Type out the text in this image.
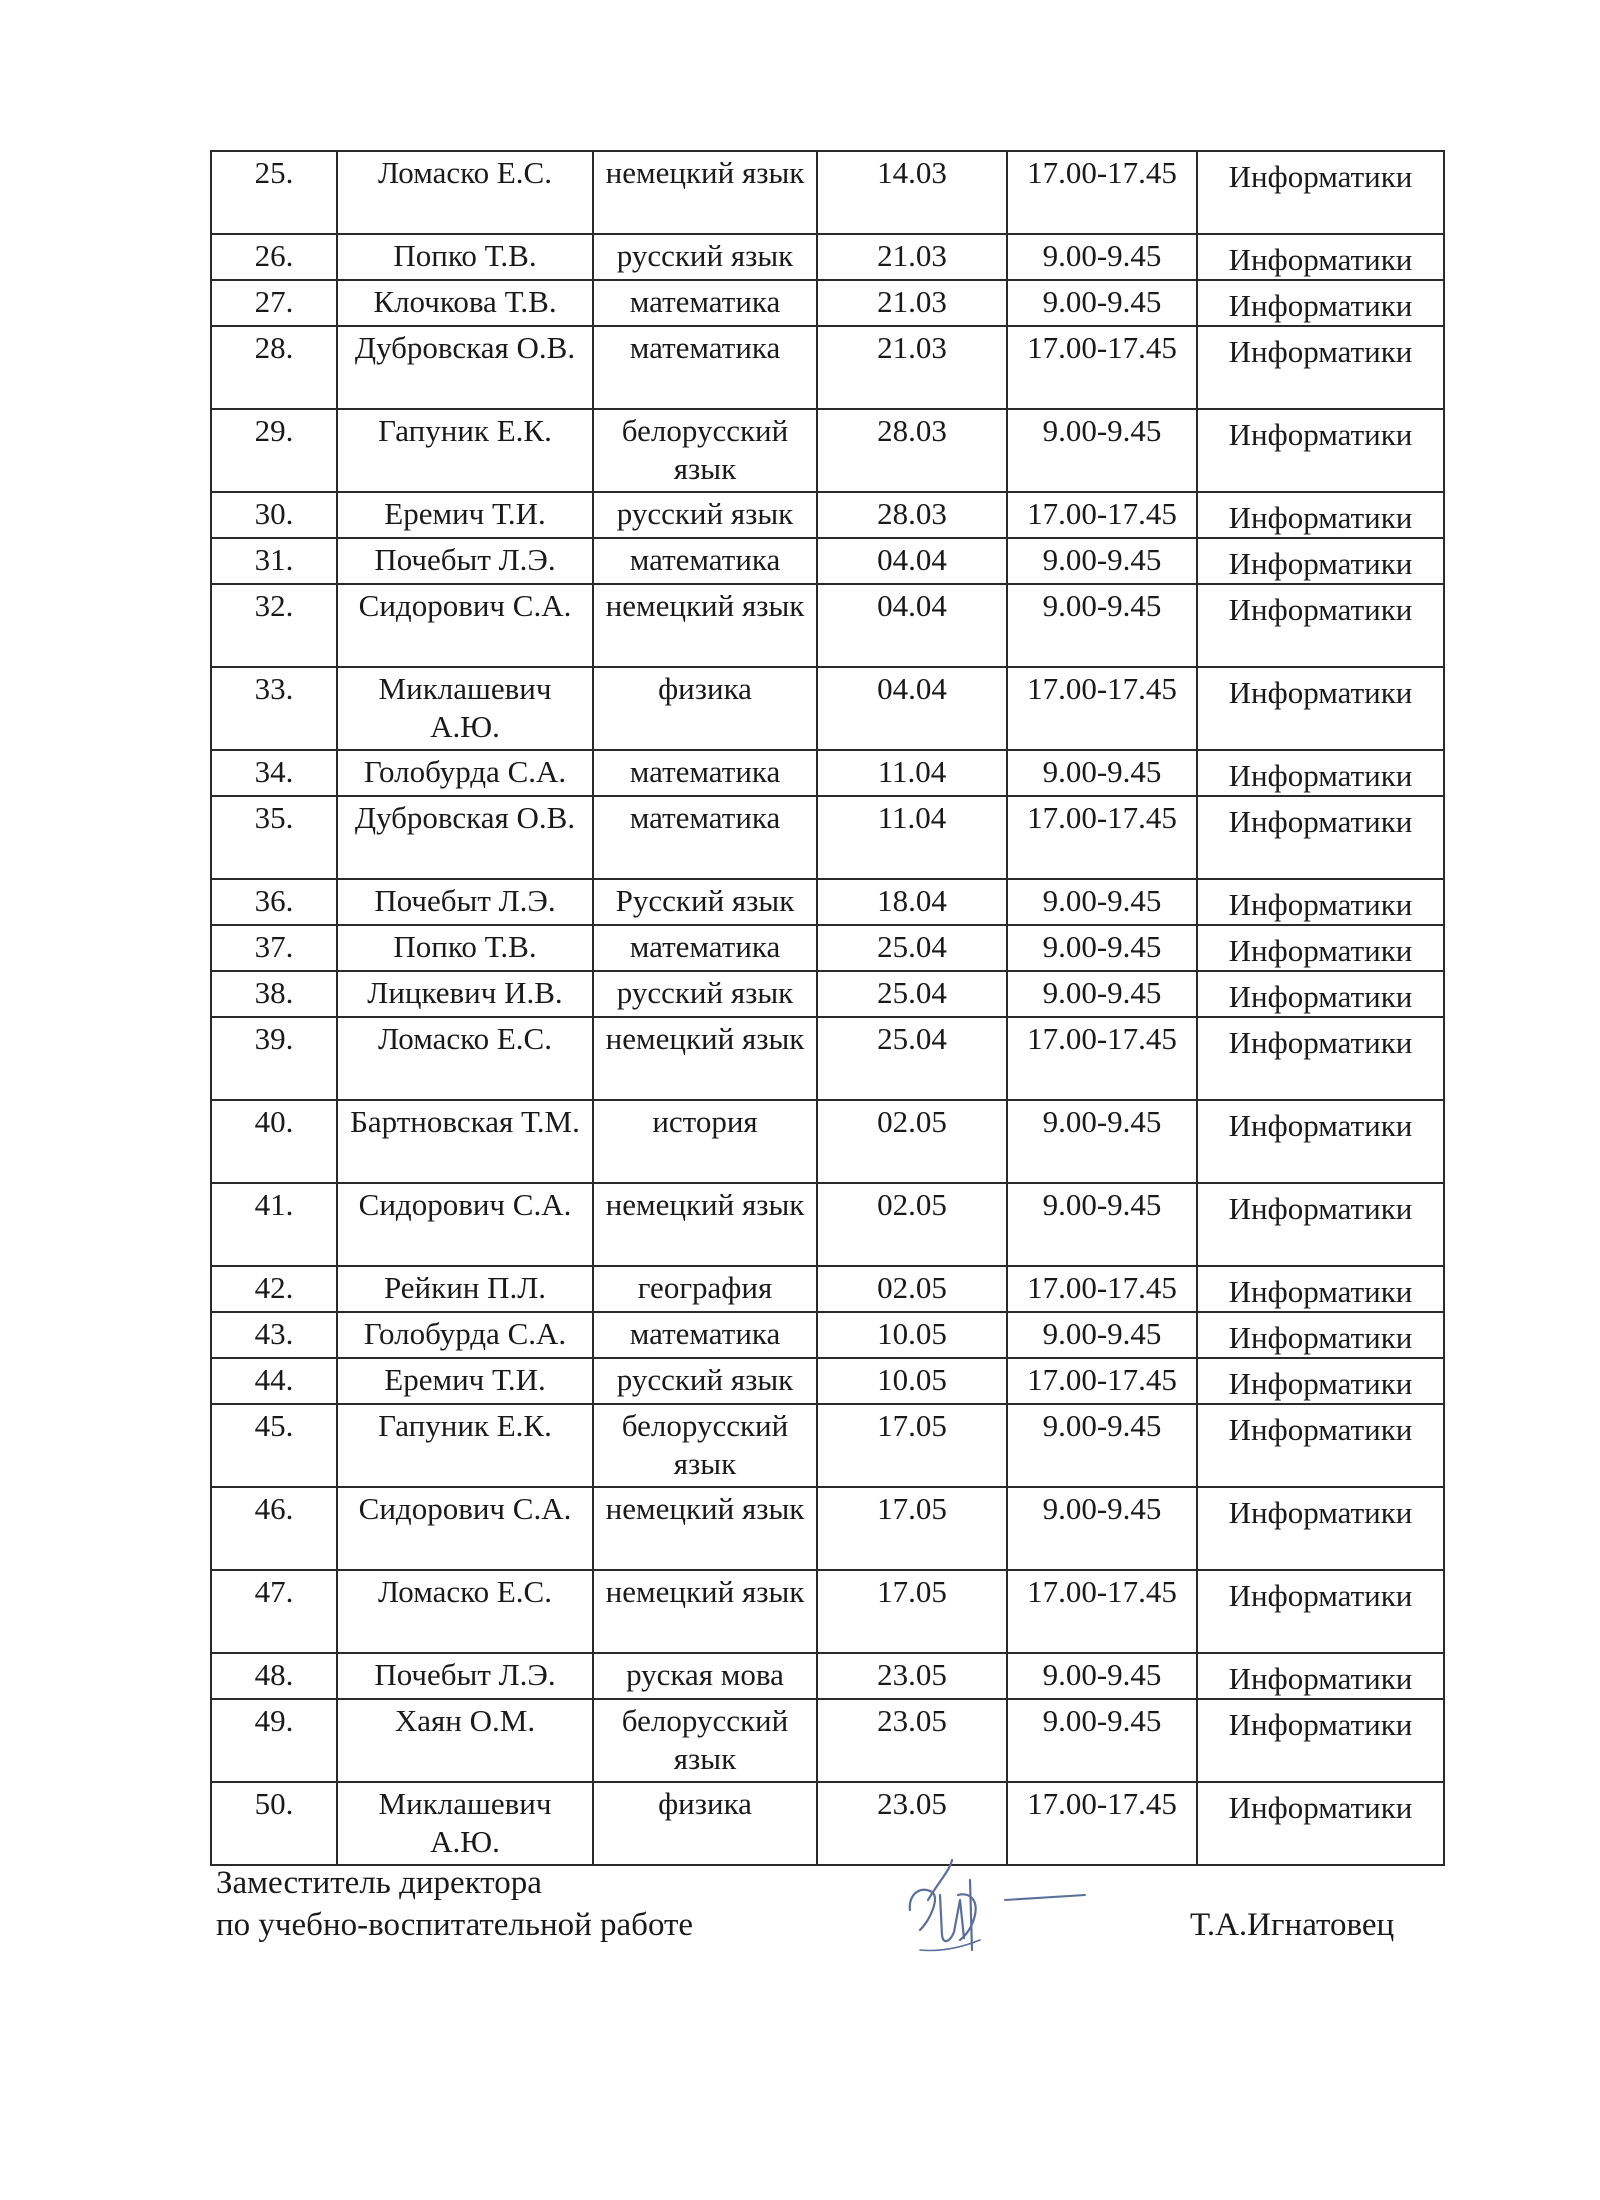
25.	Ломаско Е.С.	немецкий язык	14.03	17.00-17.45	Информатики
26.	Попко Т.В.	русский язык	21.03	9.00-9.45	Информатики
27.	Клочкова Т.В.	математика	21.03	9.00-9.45	Информатики
28.	Дубровская О.В.	математика	21.03	17.00-17.45	Информатики
29.	Гапуник Е.К.	белорусский язык	28.03	9.00-9.45	Информатики
30.	Еремич Т.И.	русский язык	28.03	17.00-17.45	Информатики
31.	Почебыт Л.Э.	математика	04.04	9.00-9.45	Информатики
32.	Сидорович С.А.	немецкий язык	04.04	9.00-9.45	Информатики
33.	Миклашевич А.Ю.	физика	04.04	17.00-17.45	Информатики
34.	Голобурда С.А.	математика	11.04	9.00-9.45	Информатики
35.	Дубровская О.В.	математика	11.04	17.00-17.45	Информатики
36.	Почебыт Л.Э.	Русский язык	18.04	9.00-9.45	Информатики
37.	Попко Т.В.	математика	25.04	9.00-9.45	Информатики
38.	Лицкевич И.В.	русский язык	25.04	9.00-9.45	Информатики
39.	Ломаско Е.С.	немецкий язык	25.04	17.00-17.45	Информатики
40.	Бартновская Т.М.	история	02.05	9.00-9.45	Информатики
41.	Сидорович С.А.	немецкий язык	02.05	9.00-9.45	Информатики
42.	Рейкин П.Л.	география	02.05	17.00-17.45	Информатики
43.	Голобурда С.А.	математика	10.05	9.00-9.45	Информатики
44.	Еремич Т.И.	русский язык	10.05	17.00-17.45	Информатики
45.	Гапуник Е.К.	белорусский язык	17.05	9.00-9.45	Информатики
46.	Сидорович С.А.	немецкий язык	17.05	9.00-9.45	Информатики
47.	Ломаско Е.С.	немецкий язык	17.05	17.00-17.45	Информатики
48.	Почебыт Л.Э.	руская мова	23.05	9.00-9.45	Информатики
49.	Хаян О.М.	белорусский язык	23.05	9.00-9.45	Информатики
50.	Миклашевич А.Ю.	физика	23.05	17.00-17.45	Информатики
Заместитель директора
по учебно-воспитательной работе	Т.А.Игнатовец
